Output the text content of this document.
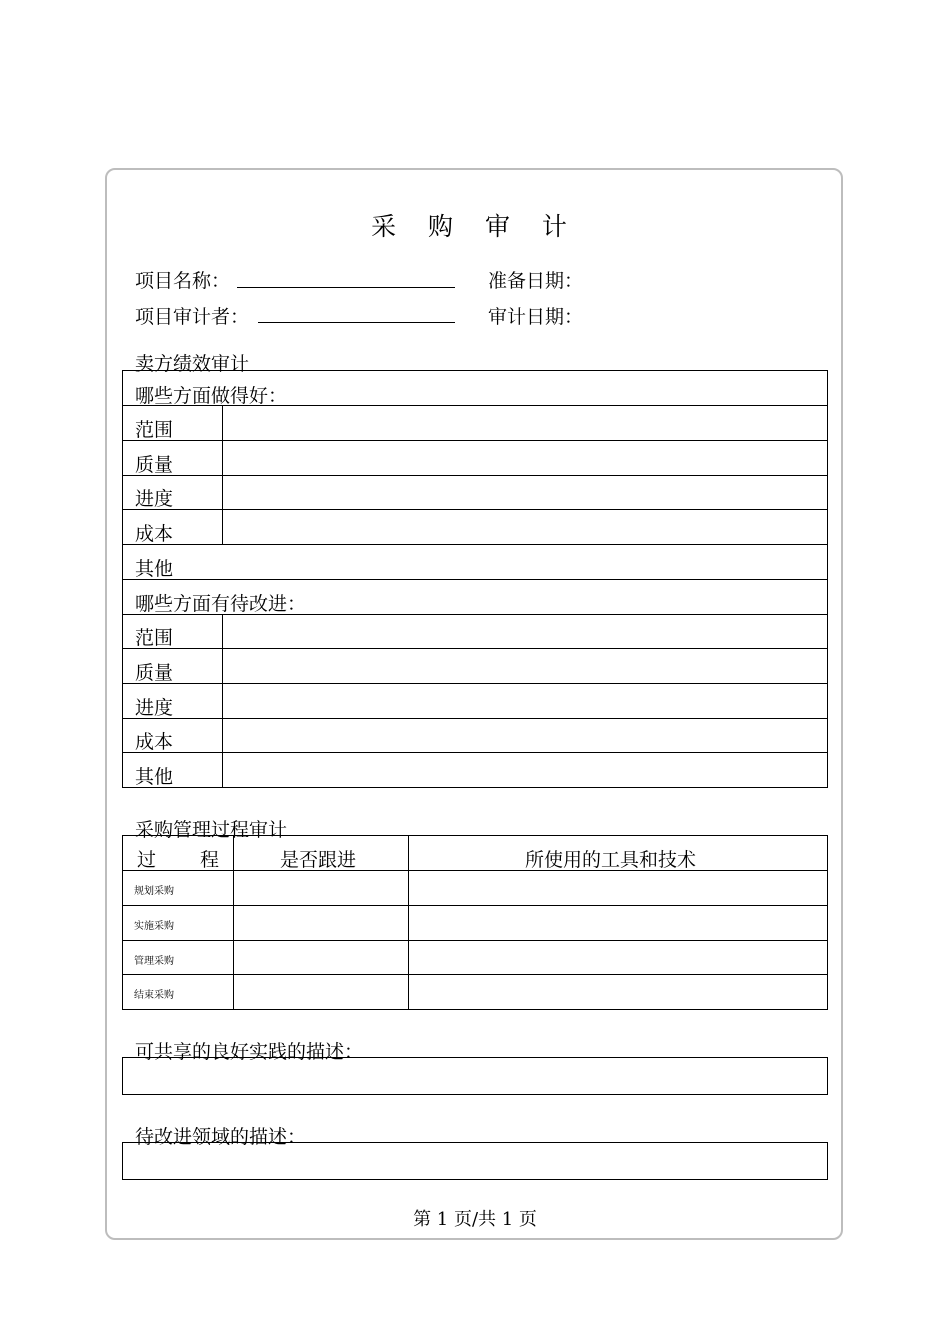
采 购 审 计
项目名称：	准备日期：
项目审计者：	审计日期：
卖方绩效审计
哪些方面做得好：
范围
质量
进度
成本
其他
哪些方面有待改进：
范围
质量
进度
成本
其他
采购管理过程审计
过 程	是否跟进	所使用的工具和技术
规划采购
实施采购
管理采购
结束采购
可共享的良好实践的描述：
待改进领域的描述：
第 1 页/共 1 页
